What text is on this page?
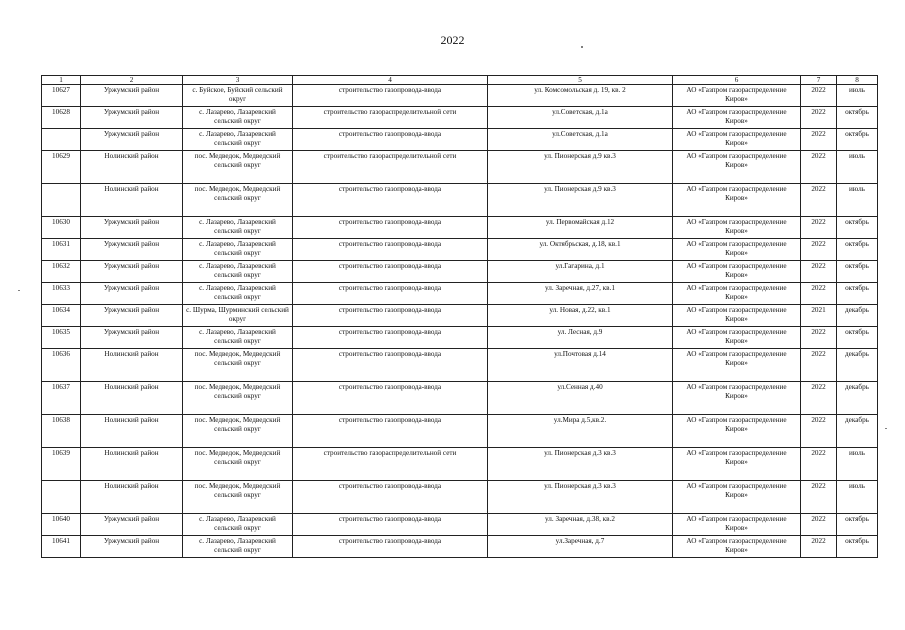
2022
1	2	3	4	5	6	7	8
10627	Уржумский район	с. Буйское, Буйский сельский округ	строительство газопровода-ввода	ул. Комсомольская д. 19, кв. 2	АО «Газпром газораспределение Киров»	2022	июль
10628	Уржумский район	с. Лазарево, Лазаревский сельский округ	строительство газораспределительной сети	ул.Советская, д.1а	АО «Газпром газораспределение Киров»	2022	октябрь
	Уржумский район	с. Лазарево, Лазаревский сельский округ	строительство газопровода-ввода	ул.Советская, д.1а	АО «Газпром газораспределение Киров»	2022	октябрь
10629	Нолинский район	пос. Медведок, Медведский сельский округ	строительство газораспределительной сети	ул. Пионерская д.9 кв.3	АО «Газпром газораспределение Киров»	2022	июль
	Нолинский район	пос. Медведок, Медведский сельский округ	строительство газопровода-ввода	ул. Пионерская д.9 кв.3	АО «Газпром газораспределение Киров»	2022	июль
10630	Уржумский район	с. Лазарево, Лазаревский сельский округ	строительство газопровода-ввода	ул. Первомайская д.12	АО «Газпром газораспределение Киров»	2022	октябрь
10631	Уржумский район	с. Лазарево, Лазаревский сельский округ	строительство газопровода-ввода	ул. Октябрьская, д.18, кв.1	АО «Газпром газораспределение Киров»	2022	октябрь
10632	Уржумский район	с. Лазарево, Лазаревский сельский округ	строительство газопровода-ввода	ул.Гагарина, д.1	АО «Газпром газораспределение Киров»	2022	октябрь
10633	Уржумский район	с. Лазарево, Лазаревский сельский округ	строительство газопровода-ввода	ул. Заречная, д.27, кв.1	АО «Газпром газораспределение Киров»	2022	октябрь
10634	Уржумский район	с. Шурма, Шурминский сельский округ	строительство газопровода-ввода	ул. Новая, д.22, кв.1	АО «Газпром газораспределение Киров»	2021	декабрь
10635	Уржумский район	с. Лазарево, Лазаревский сельский округ	строительство газопровода-ввода	ул. Лесная, д.9	АО «Газпром газораспределение Киров»	2022	октябрь
10636	Нолинский район	пос. Медведок, Медведский сельский округ	строительство газопровода-ввода	ул.Почтовая д.14	АО «Газпром газораспределение Киров»	2022	декабрь
10637	Нолинский район	пос. Медведок, Медведский сельский округ	строительство газопровода-ввода	ул.Сенная д.40	АО «Газпром газораспределение Киров»	2022	декабрь
10638	Нолинский район	пос. Медведок, Медведский сельский округ	строительство газопровода-ввода	ул.Мира д.5,кв.2.	АО «Газпром газораспределение Киров»	2022	декабрь
10639	Нолинский район	пос. Медведок, Медведский сельский округ	строительство газораспределительной сети	ул. Пионерская д.3 кв.3	АО «Газпром газораспределение Киров»	2022	июль
	Нолинский район	пос. Медведок, Медведский сельский округ	строительство газопровода-ввода	ул. Пионерская д.3 кв.3	АО «Газпром газораспределение Киров»	2022	июль
10640	Уржумский район	с. Лазарево, Лазаревский сельский округ	строительство газопровода-ввода	ул. Заречная, д.38, кв.2	АО «Газпром газораспределение Киров»	2022	октябрь
10641	Уржумский район	с. Лазарево, Лазаревский сельский округ	строительство газопровода-ввода	ул.Заречная, д.7	АО «Газпром газораспределение Киров»	2022	октябрь
